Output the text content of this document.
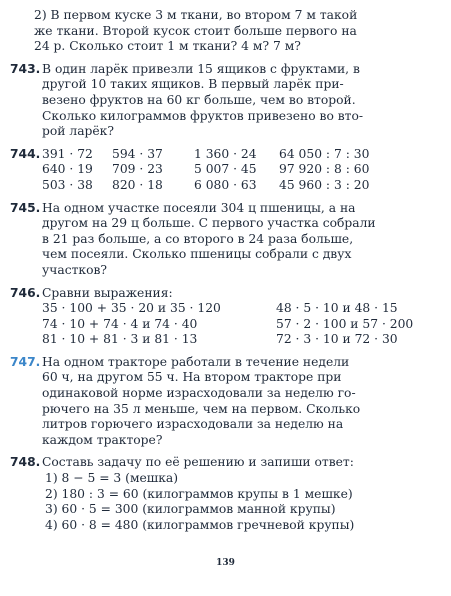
2) В первом куске 3 м ткани, во втором 7 м такой
же ткани. Второй кусок стоит больше первого на
24 р. Сколько стоит 1 м ткани? 4 м? 7 м?
743. В один ларёк привезли 15 ящиков с фруктами, в
другой 10 таких ящиков. В первый ларёк при-
везено фруктов на 60 кг больше, чем во второй.
Сколько килограммов фруктов привезено во вто-
рой ларёк?
744. 391 · 72	594 · 37	1 360 · 24	64 050 : 7 : 30
640 · 19	709 · 23	5 007 · 45	97 920 : 8 : 60
503 · 38	820 · 18	6 080 · 63	45 960 : 3 : 20
745. На одном участке посеяли 304 ц пшеницы, а на
другом на 29 ц больше. С первого участка собрали
в 21 раз больше, а со второго в 24 раза больше,
чем посеяли. Сколько пшеницы собрали с двух
участков?
746. Сравни выражения:
35 · 100 + 35 · 20 и 35 · 120	48 · 5 · 10 и 48 · 15
74 · 10 + 74 · 4 и 74 · 40	57 · 2 · 100 и 57 · 200
81 · 10 + 81 · 3 и 81 · 13	72 · 3 · 10 и 72 · 30
747. На одном тракторе работали в течение недели
60 ч, на другом 55 ч. На втором тракторе при
одинаковой норме израсходовали за неделю го-
рючего на 35 л меньше, чем на первом. Сколько
литров горючего израсходовали за неделю на
каждом тракторе?
748. Составь задачу по её решению и запиши ответ:
1) 8 − 5 = 3 (мешка)
2) 180 : 3 = 60 (килограммов крупы в 1 мешке)
3) 60 · 5 = 300 (килограммов манной крупы)
4) 60 · 8 = 480 (килограммов гречневой крупы)
139
